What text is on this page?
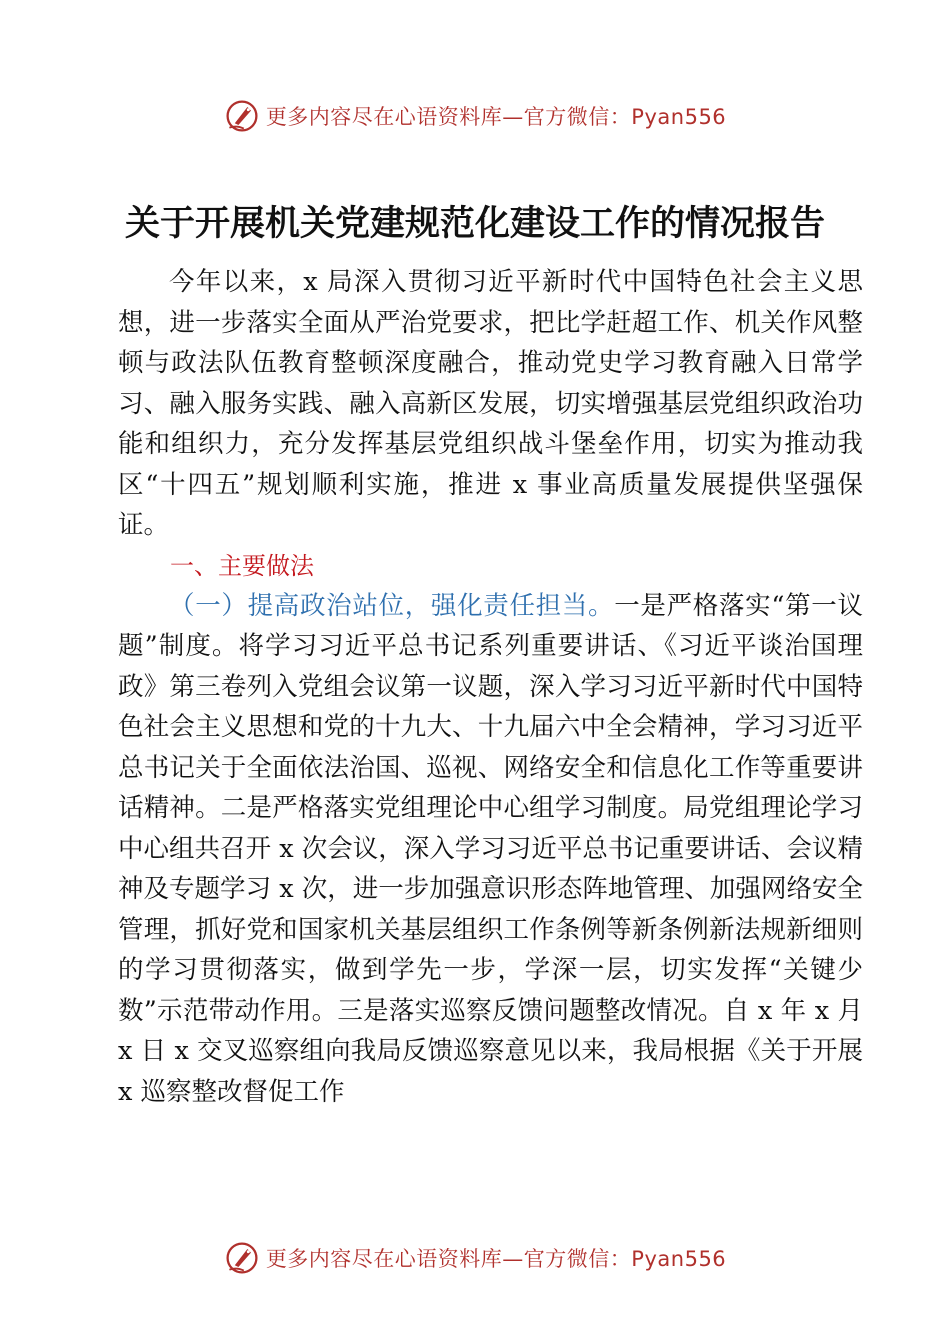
更多内容尽在心语资料库—官方微信：Pyan556
关于开展机关党建规范化建设工作的情况报告

今年以来，x 局深入贯彻习近平新时代中国特色社会主义思想，进一步落实全面从严治党要求，把比学赶超工作、机关作风整顿与政法队伍教育整顿深度融合，推动党史学习教育融入日常学习、融入服务实践、融入高新区发展，切实增强基层党组织政治功能和组织力，充分发挥基层党组织战斗堡垒作用，切实为推动我区“十四五”规划顺利实施，推进 x 事业高质量发展提供坚强保证。

一、主要做法

（一）提高政治站位，强化责任担当。一是严格落实“第一议题”制度。将学习习近平总书记系列重要讲话、《习近平谈治国理政》第三卷列入党组会议第一议题，深入学习习近平新时代中国特色社会主义思想和党的十九大、十九届六中全会精神，学习习近平总书记关于全面依法治国、巡视、网络安全和信息化工作等重要讲话精神。二是严格落实党组理论中心组学习制度。局党组理论学习中心组共召开 x 次会议，深入学习习近平总书记重要讲话、会议精神及专题学习 x 次，进一步加强意识形态阵地管理、加强网络安全管理，抓好党和国家机关基层组织工作条例等新条例新法规新细则的学习贯彻落实，做到学先一步，学深一层，切实发挥“关键少数”示范带动作用。三是落实巡察反馈问题整改情况。自 x 年 x 月 x 日 x 交叉巡察组向我局反馈巡察意见以来，我局根据《关于开展 x 巡察整改督促工作

更多内容尽在心语资料库—官方微信：Pyan556
